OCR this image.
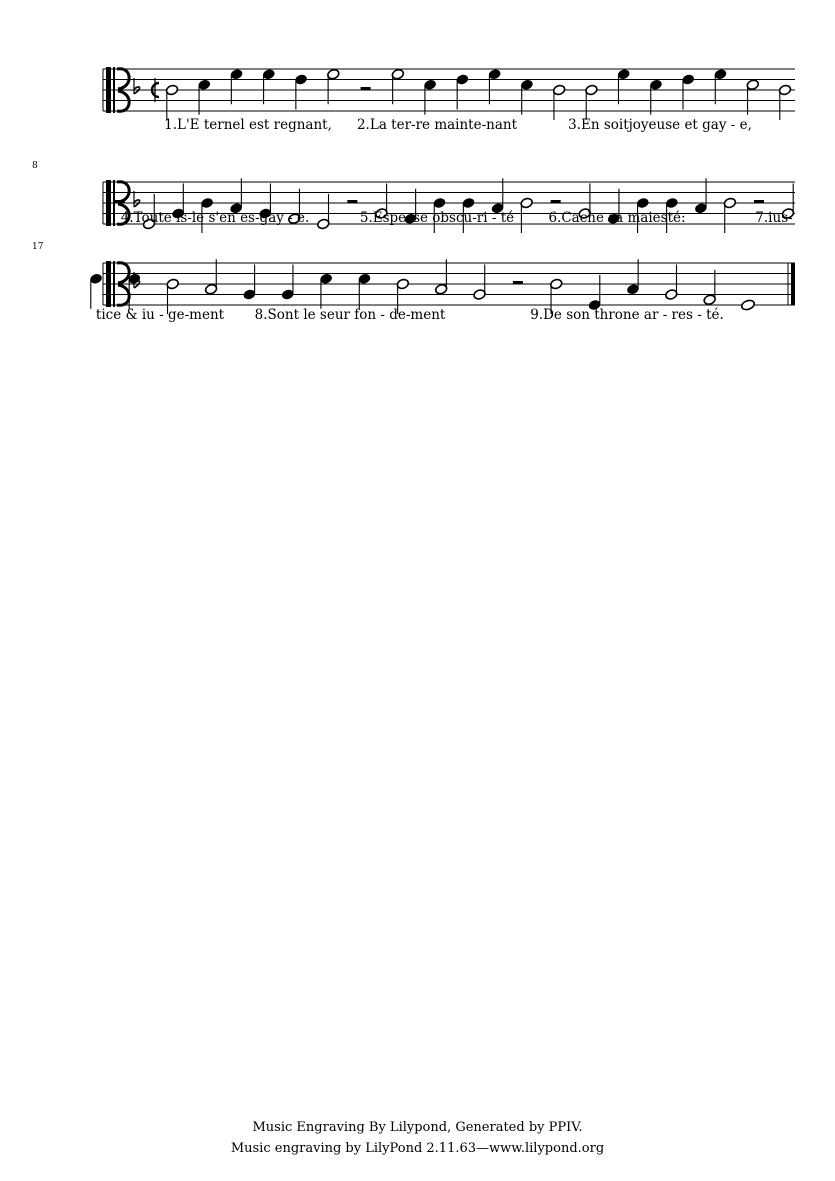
1.L'E ternel est regnant, 2.La ter-re mainte-nant	3.En soitjoyeuse et gay - e,
8
4.Toute is-le s'en es-gay - e.	5.Espesse obscu-ri - té	6.Cache sa maiesté:	7.ius-
17
tice & iu - ge-ment 8.Sont le seur fon - de-ment	9.De son throne ar - res - té.
Music Engraving By Lilypond, Generated by PPIV.
Music engraving by LilyPond 2.11.63—www.lilypond.org
